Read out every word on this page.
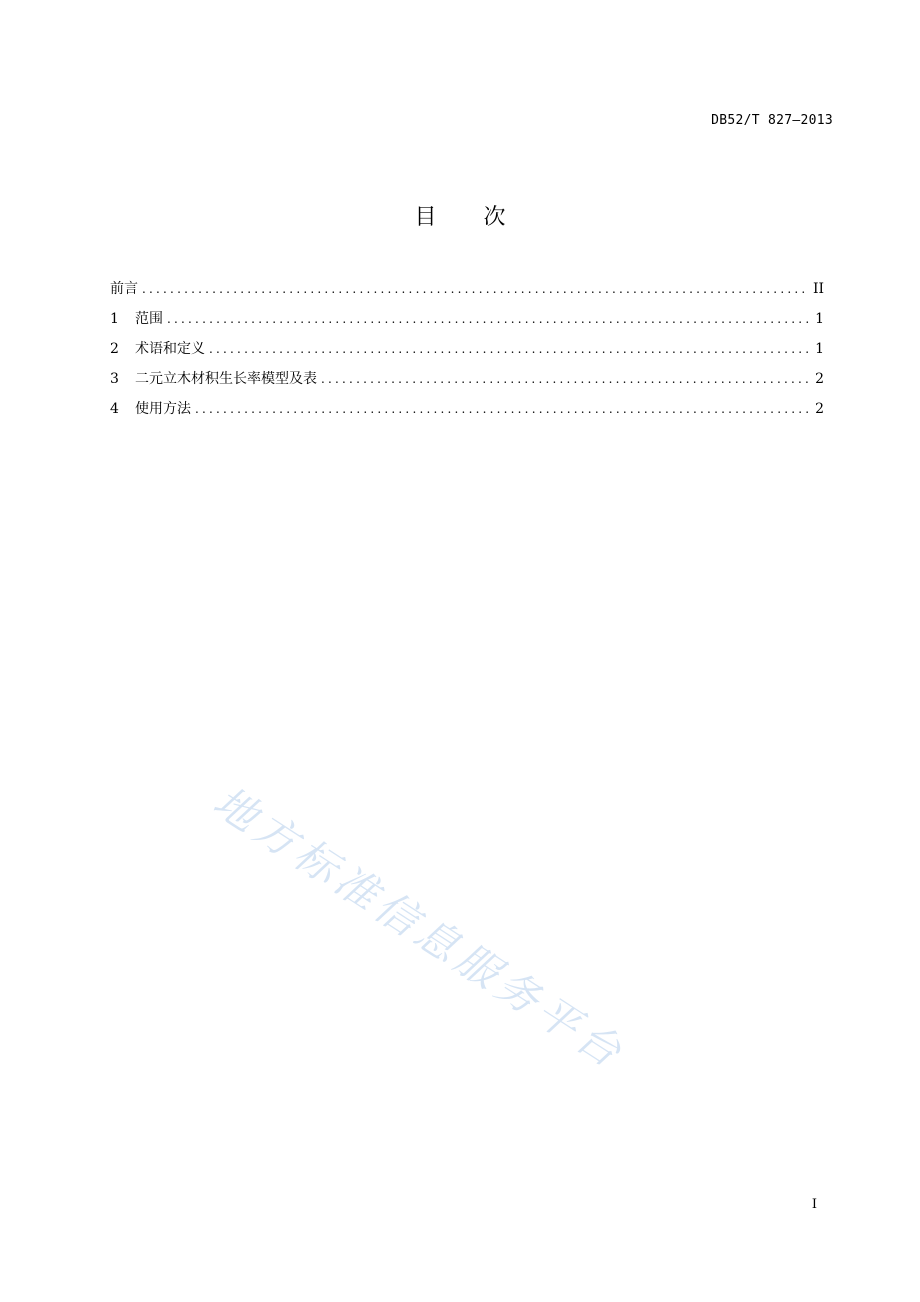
DB52/T 827—2013
目 次
前言 .....	II
1	范围 .....	1
2	术语和定义 .....	1
3	二元立木材积生长率模型及表 .....	2
4	使用方法 .....	2
地方标准信息服务平台
I
